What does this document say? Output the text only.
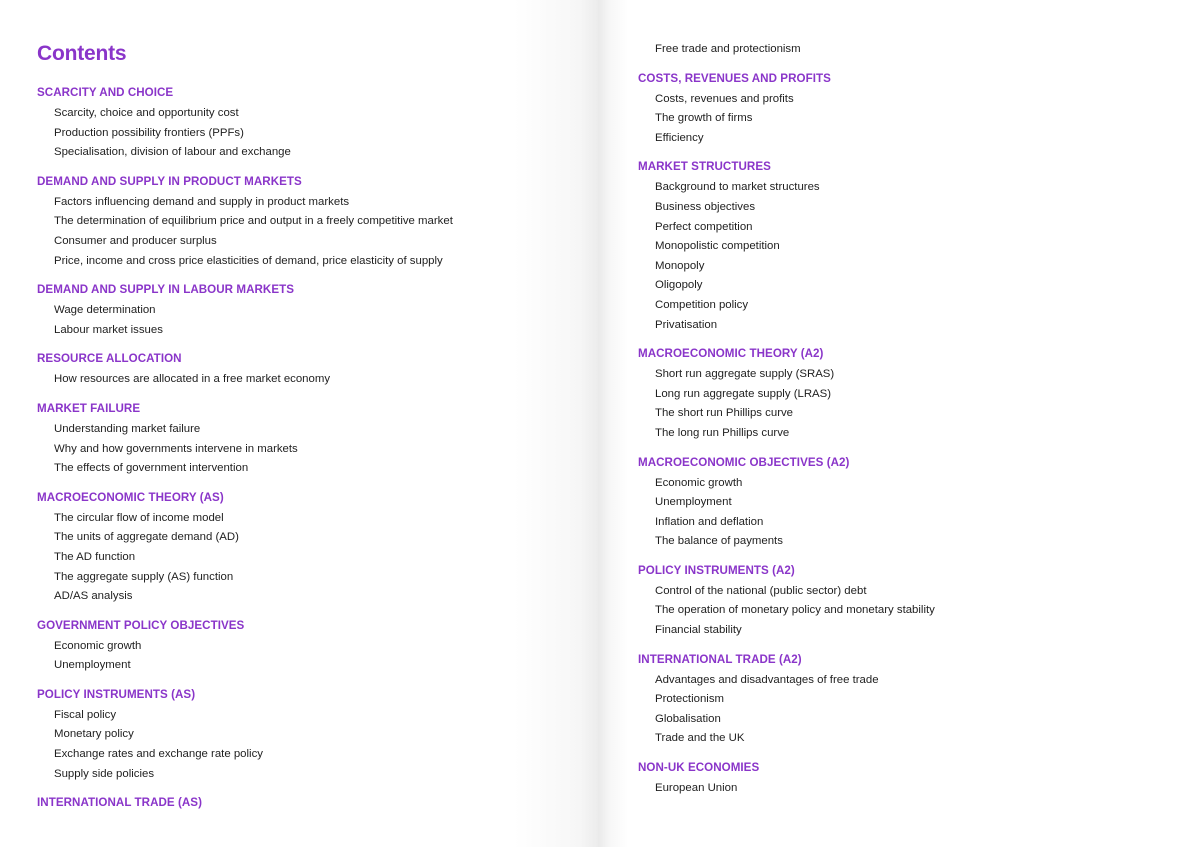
Contents
SCARCITY AND CHOICE
Scarcity, choice and opportunity cost
Production possibility frontiers (PPFs)
Specialisation, division of labour and exchange
DEMAND AND SUPPLY IN PRODUCT MARKETS
Factors influencing demand and supply in product markets
The determination of equilibrium price and output in a freely competitive market
Consumer and producer surplus
Price, income and cross price elasticities of demand, price elasticity of supply
DEMAND AND SUPPLY IN LABOUR MARKETS
Wage determination
Labour market issues
RESOURCE ALLOCATION
How resources are allocated in a free market economy
MARKET FAILURE
Understanding market failure
Why and how governments intervene in markets
The effects of government intervention
MACROECONOMIC THEORY (AS)
The circular flow of income model
The units of aggregate demand (AD)
The AD function
The aggregate supply (AS) function
AD/AS analysis
GOVERNMENT POLICY OBJECTIVES
Economic growth
Unemployment
POLICY INSTRUMENTS (AS)
Fiscal policy
Monetary policy
Exchange rates and exchange rate policy
Supply side policies
INTERNATIONAL TRADE (AS)
Free trade and protectionism
COSTS, REVENUES AND PROFITS
Costs, revenues and profits
The growth of firms
Efficiency
MARKET STRUCTURES
Background to market structures
Business objectives
Perfect competition
Monopolistic competition
Monopoly
Oligopoly
Competition policy
Privatisation
MACROECONOMIC THEORY (A2)
Short run aggregate supply (SRAS)
Long run aggregate supply (LRAS)
The short run Phillips curve
The long run Phillips curve
MACROECONOMIC OBJECTIVES (A2)
Economic growth
Unemployment
Inflation and deflation
The balance of payments
POLICY INSTRUMENTS (A2)
Control of the national (public sector) debt
The operation of monetary policy and monetary stability
Financial stability
INTERNATIONAL TRADE (A2)
Advantages and disadvantages of free trade
Protectionism
Globalisation
Trade and the UK
NON-UK ECONOMIES
European Union
